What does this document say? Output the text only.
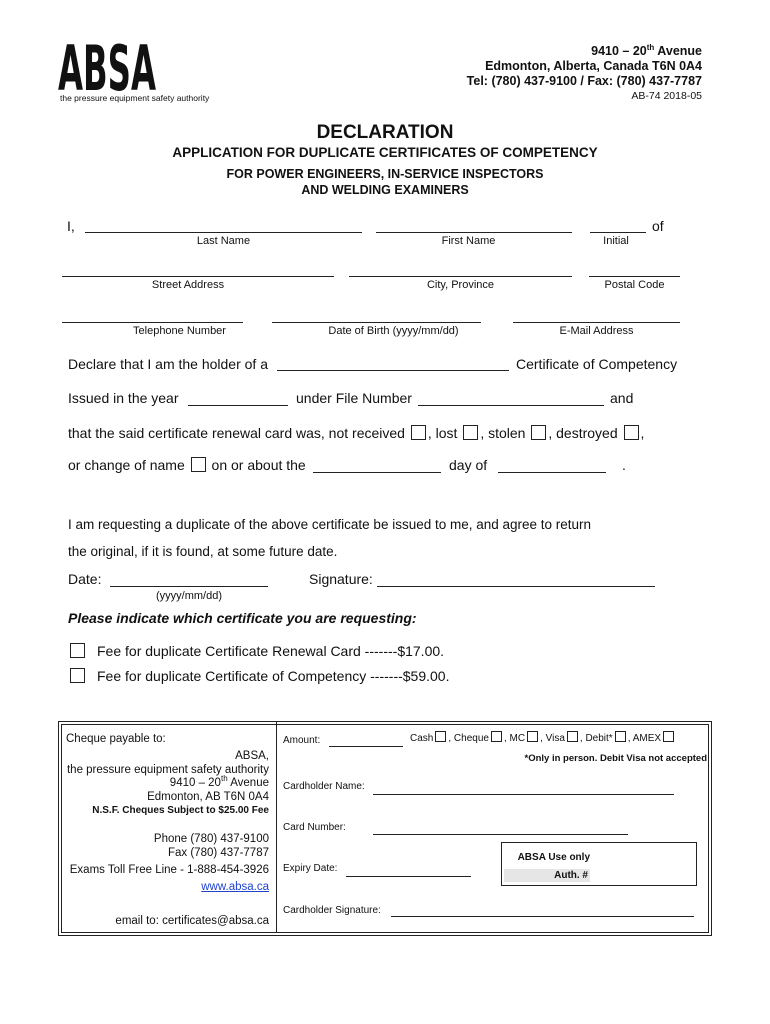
ABSA
the pressure equipment safety authority
9410 – 20th Avenue
Edmonton, Alberta, Canada T6N 0A4
Tel: (780) 437-9100 / Fax: (780) 437-7787
AB-74 2018-05
DECLARATION
APPLICATION FOR DUPLICATE CERTIFICATES OF COMPETENCY
FOR POWER ENGINEERS, IN-SERVICE INSPECTORS
AND WELDING EXAMINERS
I,	of
Last Name	First Name	Initial
Street Address	City, Province	Postal Code
Telephone Number	Date of Birth (yyyy/mm/dd)	E-Mail Address
Declare that I am the holder of a	Certificate of Competency
Issued in the year	under File Number	and
that the said certificate renewal card was, not received , lost , stolen , destroyed ,
or change of name on or about the	day of	.
I am requesting a duplicate of the above certificate be issued to me, and agree to return
the original, if it is found, at some future date.
Date:
(yyyy/mm/dd)
Signature:
Please indicate which certificate you are requesting:
Fee for duplicate Certificate Renewal Card -------$17.00.
Fee for duplicate Certificate of Competency -------$59.00.
Cheque payable to:
ABSA,
the pressure equipment safety authority
9410 – 20th Avenue
Edmonton, AB T6N 0A4
N.S.F. Cheques Subject to $25.00 Fee
Phone (780) 437-9100
Fax (780) 437-7787
Exams Toll Free Line - 1-888-454-3926
www.absa.ca
email to: certificates@absa.ca
Amount:	Cash , Cheque , MC , Visa , Debit* , AMEX
*Only in person. Debit Visa not accepted
Cardholder Name:
Card Number:
Expiry Date:
ABSA Use only
Auth. #
Cardholder Signature:
